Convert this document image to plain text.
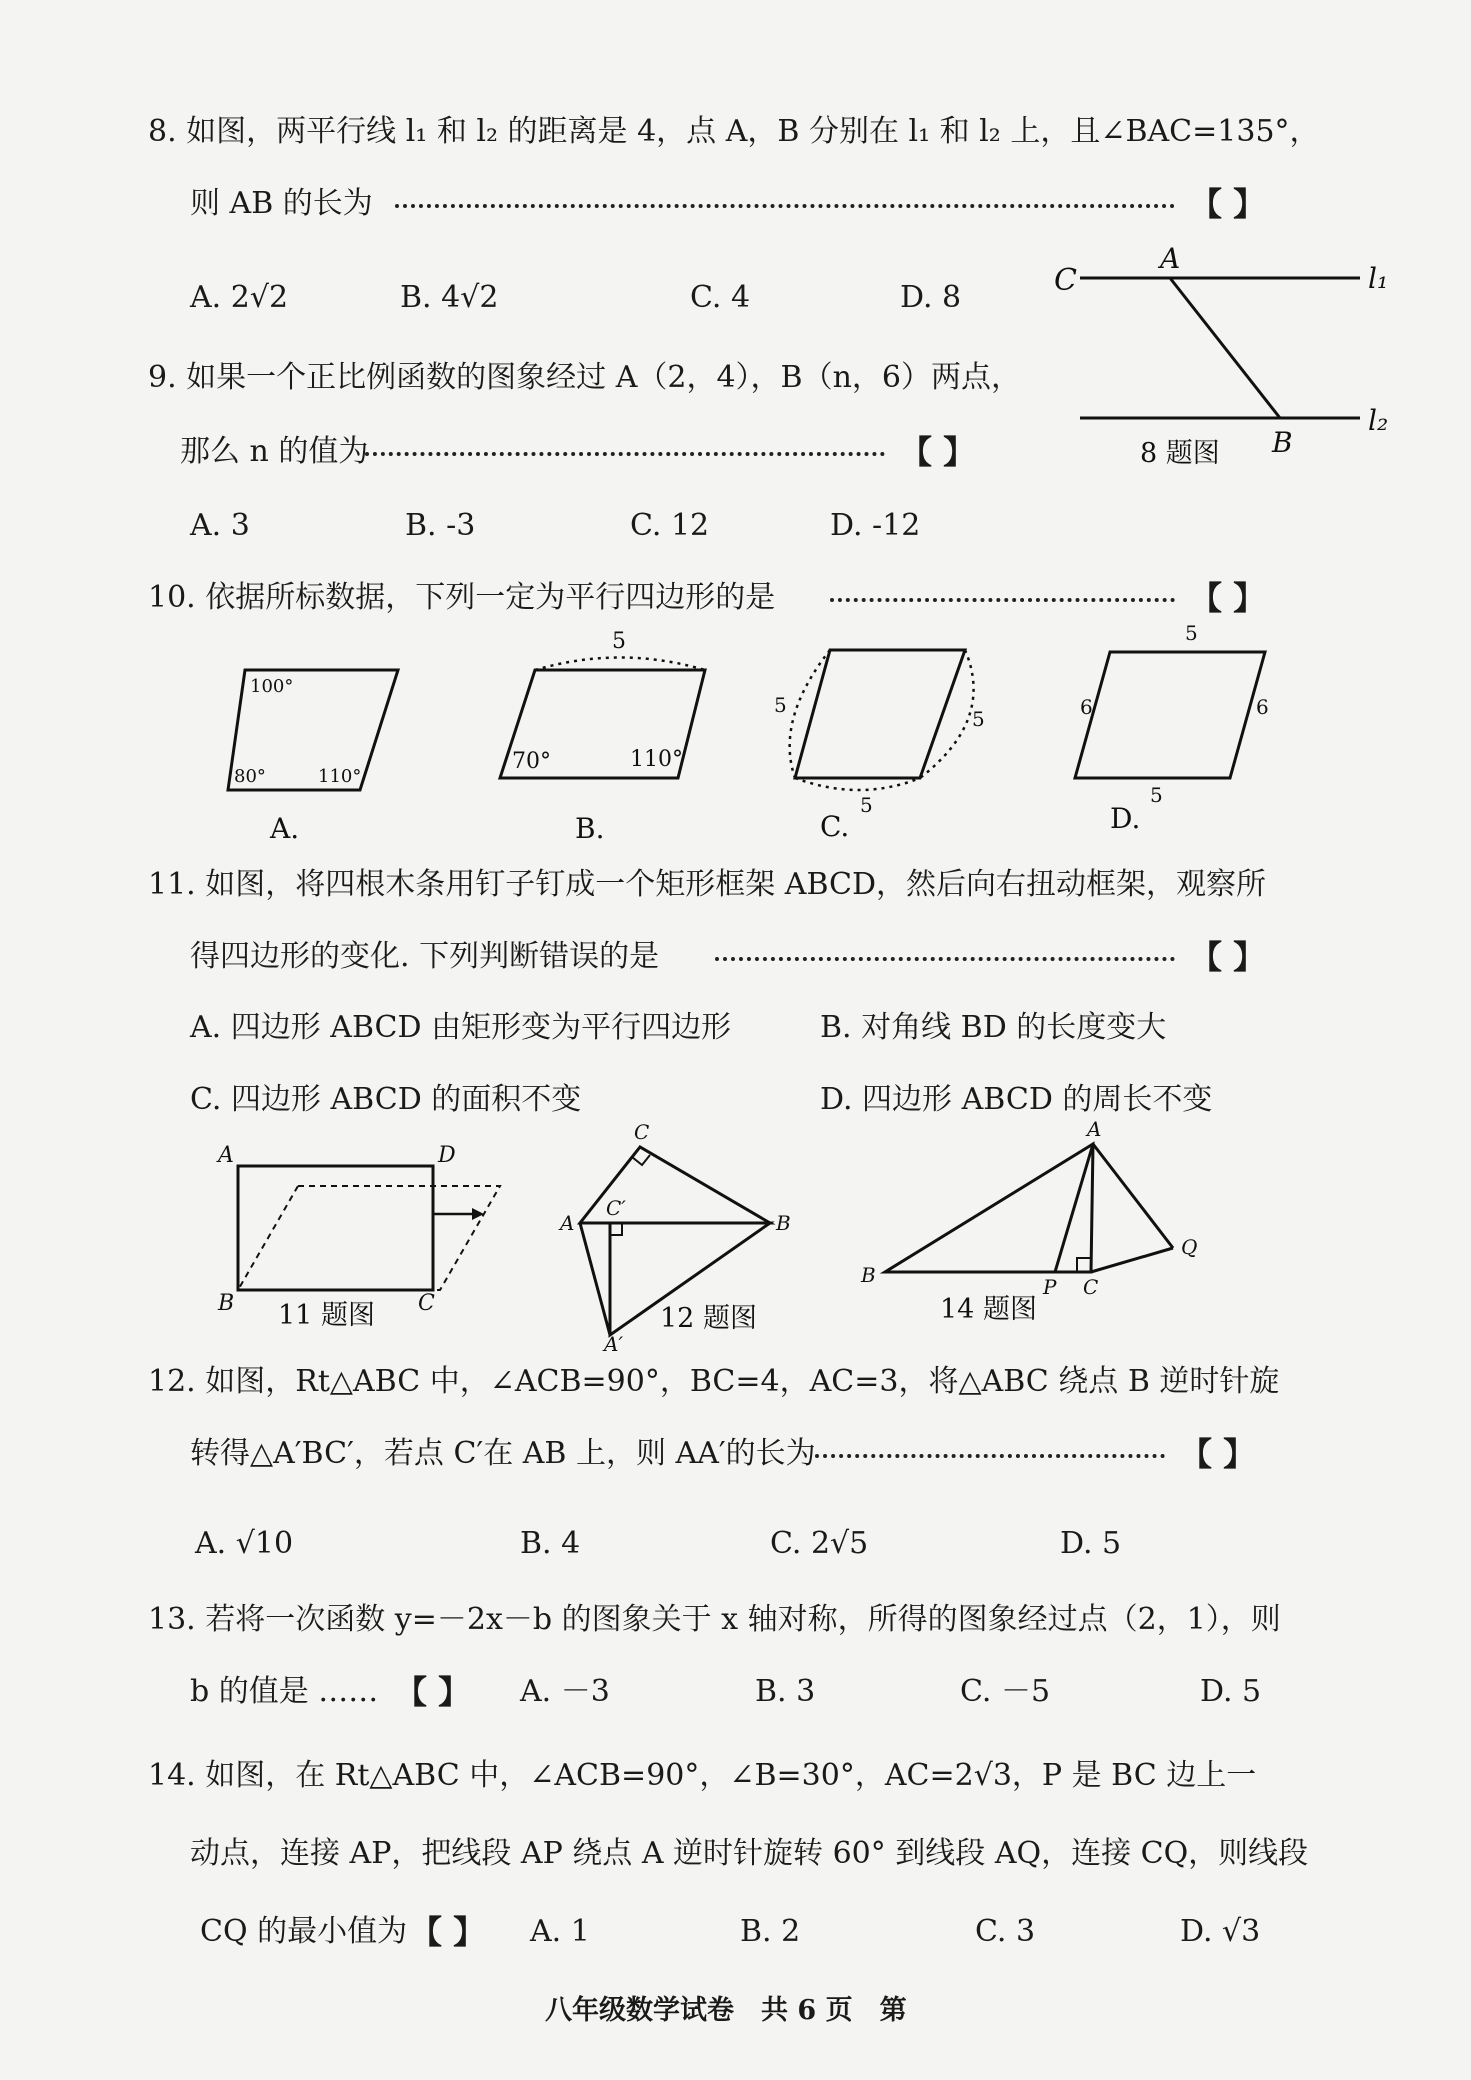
8. 如图，两平行线 l₁ 和 l₂ 的距离是 4，点 A，B 分别在 l₁ 和 l₂ 上，且∠BAC=135°，
则 AB 的长为	【 】
A. 2√2	B. 4√2	C. 4	D. 8	C
A
B
l₁
l₂
8 题图
9. 如果一个正比例函数的图象经过 A（2，4），B（n，6）两点，
那么 n 的值为	【 】
A. 3	B. -3	C. 12	D. -12
10. 依据所标数据，下列一定为平行四边形的是	【 】
100°
80°	110°
A.
5
70°	110°
B.
5
5
5
C.
5
6	6
5
D.
11. 如图，将四根木条用钉子钉成一个矩形框架 ABCD，然后向右扭动框架，观察所
得四边形的变化. 下列判断错误的是	【 】
A. 四边形 ABCD 由矩形变为平行四边形	B. 对角线 BD 的长度变大
C. 四边形 ABCD 的面积不变	D. 四边形 ABCD 的周长不变
A	D
B	C
11 题图
C
A
C′
B
A′
12 题图
A
B	P C
Q
14 题图
12. 如图，Rt△ABC 中，∠ACB=90°，BC=4，AC=3，将△ABC 绕点 B 逆时针旋
转得△A′BC′，若点 C′在 AB 上，则 AA′的长为	【 】
A. √10	B. 4	C. 2√5	D. 5
13. 若将一次函数 y=－2x－b 的图象关于 x 轴对称，所得的图象经过点（2，1），则
b 的值是 …… 【 】 A. －3	B. 3	C. －5	D. 5
14. 如图，在 Rt△ABC 中，∠ACB=90°，∠B=30°，AC=2√3，P 是 BC 边上一
动点，连接 AP，把线段 AP 绕点 A 逆时针旋转 60° 到线段 AQ，连接 CQ，则线段
CQ 的最小值为 【 】 A. 1	B. 2	C. 3	D. √3
八年级数学试卷　共 6 页　第
